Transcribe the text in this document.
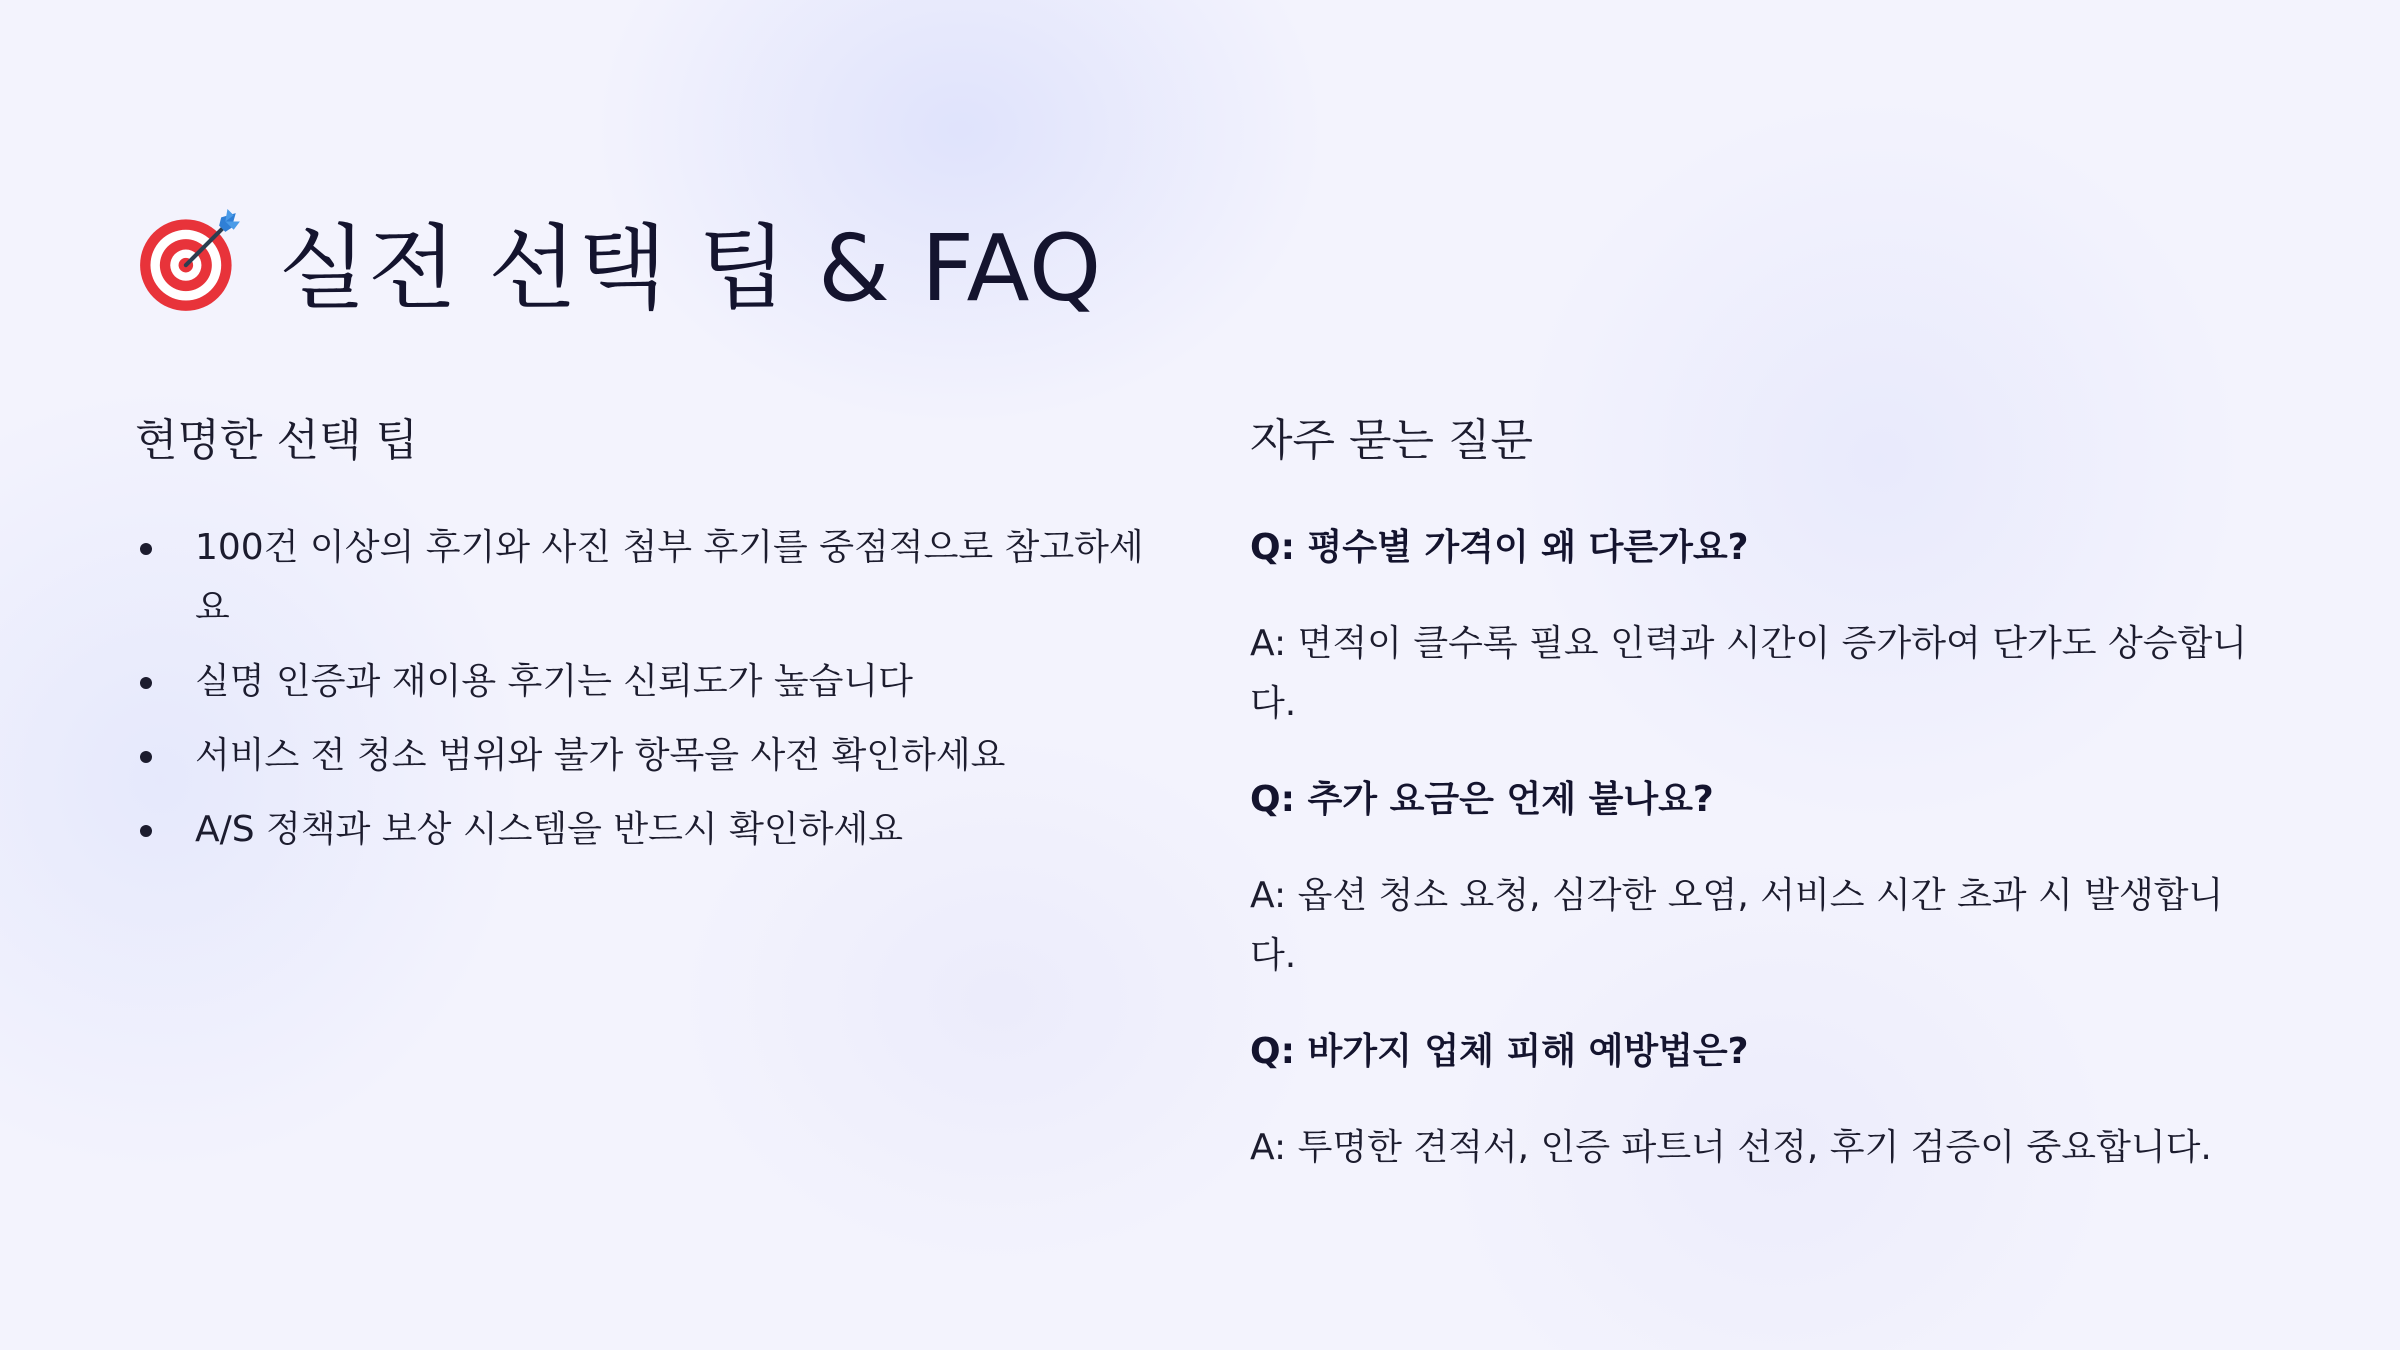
실전 선택 팁 & FAQ
현명한 선택 팁
100건 이상의 후기와 사진 첨부 후기를 중점적으로 참고하세요
실명 인증과 재이용 후기는 신뢰도가 높습니다
서비스 전 청소 범위와 불가 항목을 사전 확인하세요
A/S 정책과 보상 시스템을 반드시 확인하세요
자주 묻는 질문

Q: 평수별 가격이 왜 다른가요?

A: 면적이 클수록 필요 인력과 시간이 증가하여 단가도 상승합니다.

Q: 추가 요금은 언제 붙나요?

A: 옵션 청소 요청, 심각한 오염, 서비스 시간 초과 시 발생합니다.

Q: 바가지 업체 피해 예방법은?

A: 투명한 견적서, 인증 파트너 선정, 후기 검증이 중요합니다.
